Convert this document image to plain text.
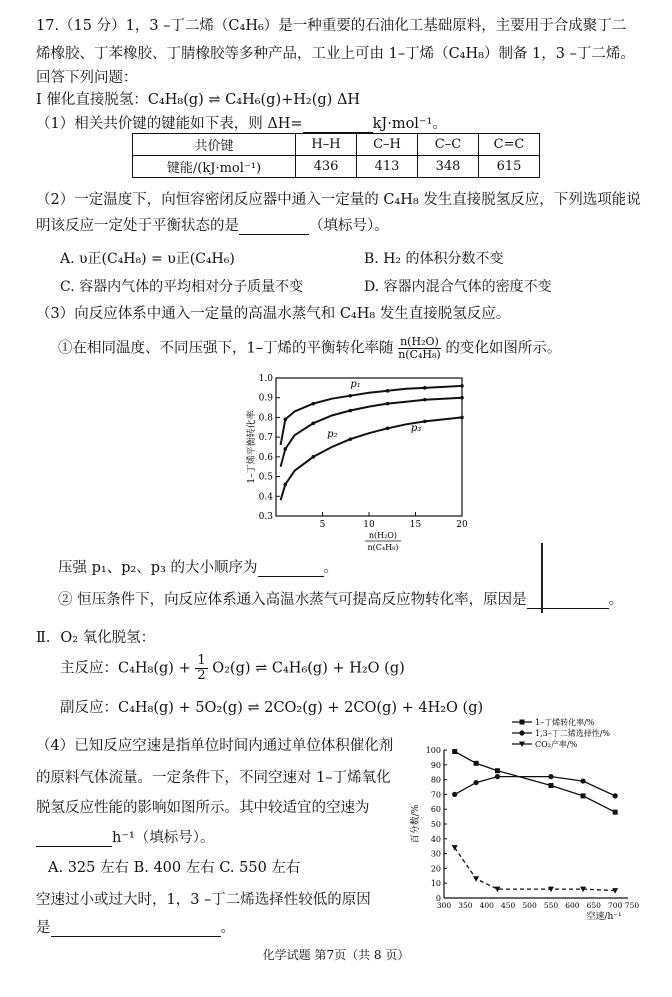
17.（15 分）1，3 –丁二烯（C₄H₆）是一种重要的石油化工基础原料，主要用于合成聚丁二
烯橡胶、丁苯橡胶、丁腈橡胶等多种产品，工业上可由 1–丁烯（C₄H₈）制备 1，3 –丁二烯。
回答下列问题：
Ⅰ 催化直接脱氢：C₄H₈(g) ⇌ C₄H₆(g)+H₂(g) ΔH
（1）相关共价键的键能如下表，则 ΔH=	kJ·mol⁻¹。
共价键	H–H	C–H	C–C	C=C
键能/(kJ·mol⁻¹)	436	413	348	615
（2）一定温度下，向恒容密闭反应器中通入一定量的 C₄H₈ 发生直接脱氢反应，下列选项能说
明该反应一定处于平衡状态的是	（填标号）。
A. υ正(C₄H₈) = υ正(C₄H₆)	B. H₂ 的体积分数不变
C. 容器内气体的平均相对分子质量不变	D. 容器内混合气体的密度不变
（3）向反应体系中通入一定量的高温水蒸气和 C₄H₈ 发生直接脱氢反应。
①在相同温度、不同压强下，1–丁烯的平衡转化率随 $\frac{\text{n(H₂O)}}{\text{n(C₄H₈)}}$ 的变化如图所示。
0.3
0.4
0.5
0.6
0.7
0.8
0.9
1.0
5	10	15	20
1–丁烯平衡转化率
n(H₂O)
n(C₄H₈)
p₁
p₂
p₃
压强 p₁、p₂、p₃ 的大小顺序为	。
② 恒压条件下，向反应体系通入高温水蒸气可提高反应物转化率，原因是	。
Ⅱ．O₂ 氧化脱氢：
主反应：$C_4H_8(g) + \frac{1}{2} O_2(g)$ ⇌ C₄H₆(g) + H₂O (g)
副反应：C₄H₈(g) + 5O₂(g) ⇌ 2CO₂(g) + 2CO(g) + 4H₂O (g)
（4）已知反应空速是指单位时间内通过单位体积催化剂
的原料气体流量。一定条件下，不同空速对 1–丁烯氧化
脱氢反应性能的影响如图所示。其中较适宜的空速为
h⁻¹（填标号）。
A. 325 左右 B. 400 左右 C. 550 左右
空速过小或过大时，1，3 –丁二烯选择性较低的原因
是	。
0
10
20
30
40
50
60
70
80
90
100
300 350 400 450 500 550 600 650 700 750
百分数/%
空速/h⁻¹
1–丁烯转化率/%
1,3–丁二烯选择性/%
CO₂产率/%
化学试题 第7页（共 8 页）
